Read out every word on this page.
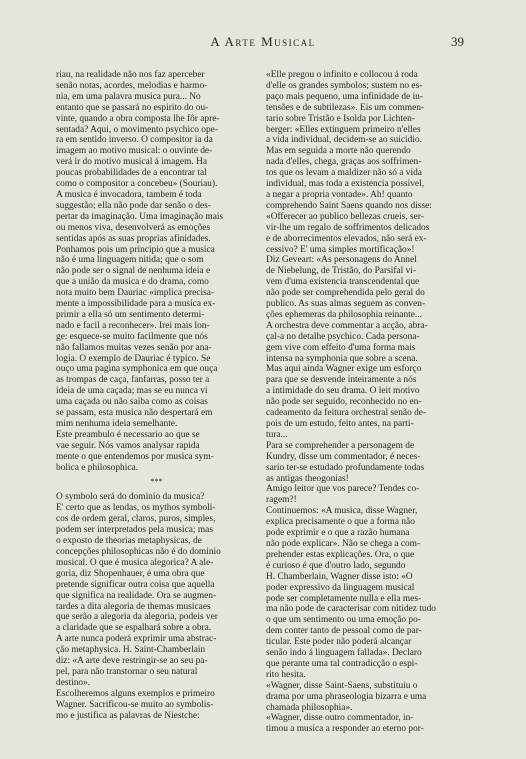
A Arte Musical	39
riau, na realidade não nos faz aperceber
senão notas, acordes, melodias e harmo-
nia, em uma palavra musica pura... No
entanto que se passará no espirito do ou-
vinte, quando a obra composta lhe fôr apre-
sentada? Aqui, o movimento psychico ope-
ra em sentido inverso. O compositor ia da
imagem ao motivo musical: o ouvinte de-
verá ir do motivo musical á imagem. Ha
poucas probabilidades de a encontrar tal
como o compositor a concebeu» (Souriau).
A musica é invocadora, tambem é toda
suggestão; ella não pode dar senão o des-
pertar da imaginação. Uma imaginação mais
ou menos viva, desenvolverá as emoções
sentidas após as suas proprias afinidades.
Ponhamos pois um principio que a musica
não é uma linguagem nitida; que o som
não pode ser o signal de nenhuma ideia e
que a união da musica e do drama, como
nota muito bem Dauriac «implica precisa-
mente a impossibilidade para a musica ex-
primir a ella só um sentimento determi-
nado e facil a reconhecer». Irei mais lon-
ge: esquece-se muito facilmente que nós
não fallamos muitas vezes senão por ana-
logia. O exemplo de Dauriac é typico. Se
ouço uma pagina symphonica em que ouça
as trompas de caça, fanfarras, posso ter a
ideia de uma caçada; mas se eu nunca vi
uma caçada ou não saiba como as coisas
se passam, esta musica não despertará em
mim nenhuma ideia semelhante.
Este preambulo é necessario ao que se
vae seguir. Nós vamos analysar rapida
mente o que entendemos por musica sym-
bolica e philosophica.
***
O symbolo será do dominio da musica?
E' certo que as lendas, os mythos symboli-
cos de ordem geral, claros, puros, simples,
podem ser interpretados pela musica; mas
o exposto de theorias metaphysicas, de
concepções philosophicas não é do dominio
musical. O que é musica alegorica? A ale-
goria, diz Shopenhauer, é uma obra que
pretende significar outra coisa que aquella
que significa na realidade. Ora se augmen-
tardes a dita alegoria de themas musicaes
que serão a alegoria da alegoria, podeis ver
a claridade que se espalhará sobre a obra.
A arte nunca poderá exprimir uma abstrac-
ção metaphysica. H. Saint-Chamberlain
diz: «A arte deve restringir-se ao seu pa-
pel, para não transtornar o seu natural
destino».
Escolheremos alguns exemplos e primeiro
Wagner. Sacrificou-se muito ao symbolis-
mo e justifica as palavras de Niestche:
«Elle pregou o infinito e collocou á roda
d'elle os grandes symbolos; sustem no es-
paço mais pequeno, uma infinidade de in-
tensões e de subtilezas». Eis um commen-
tario sobre Tristão e Isolda por Lichten-
berger: «Elles extinguem primeiro n'elles
a vida individual, decidem-se ao suicidio.
Mas em seguida a morte não querendo
nada d'elles, chega, graças aos soffrimen-
tos que os levam a maldizer não só a vida
individual, mas toda a existencia possivel,
a negar a propria vontade». Ah! quanto
comprehendo Saint Saens quando nos disse:
«Offerecer ao publico bellezas crueis, ser-
vir-lhe um regalo de soffrimentos delicados
e de aborrecimentos elevados, não será ex-
cessivo? E' uma simples mortificação»!
Diz Geveart: «As personagens do Annel
de Niebelung, de Tristão, do Parsifal vi-
vem d'uma existencia transcendental que
não pode ser comprehendida pelo geral do
publico. As suas almas seguem as conven-
ções ephemeras da philosophia reinante...
A orchestra deve commentar a acção, abra-
çal-a no detalhe psychico. Cada persona-
gem vive com effeito d'uma forma mais
intensa na symphonia que sobre a scena.
Mas aqui ainda Wagner exige um esforço
para que se desvende inteiramente a nós
a intimidade do seu drama. O leit motivo
não pode ser seguido, reconhecido no en-
cadeamento da feitura orchestral senão de-
pois de um estudo, feito antes, na parti-
tura...
Para se comprehender a personagem de
Kundry, disse um commentador, é neces-
sario ter-se estudado profundamente todas
as antigas theogonias!
Amigo leitor que vos parece? Tendes co-
ragem?!
Continuemos: «A musica, disse Wagner,
explica precisamente o que a forma não
pode exprimir e o que a razão humana
não pode explicar». Não se chega a com-
prehender estas explicações. Ora, o que
é curioso é que d'outro lado, segundo
H. Chamberlain, Wagner disse isto: «O
poder expressivo da linguagem musical
pode ser completamente nulla e ella mes-
ma não pode de caracterisar com nitidez tudo
o que um sentimento ou uma emoção po-
dem conter tanto de pessoal como de par-
ticular. Este poder não poderá alcançar
senão indo á linguagem fallada». Declaro
que perante uma tal contradicção o espi-
rito hesita.
«Wagner, disse Saint-Saens, substituiu o
drama por uma phraseologia bizarra e uma
chamada philosophia».
«Wagner, disse outro commentador, in-
timou a musica a responder ao eterno por-
